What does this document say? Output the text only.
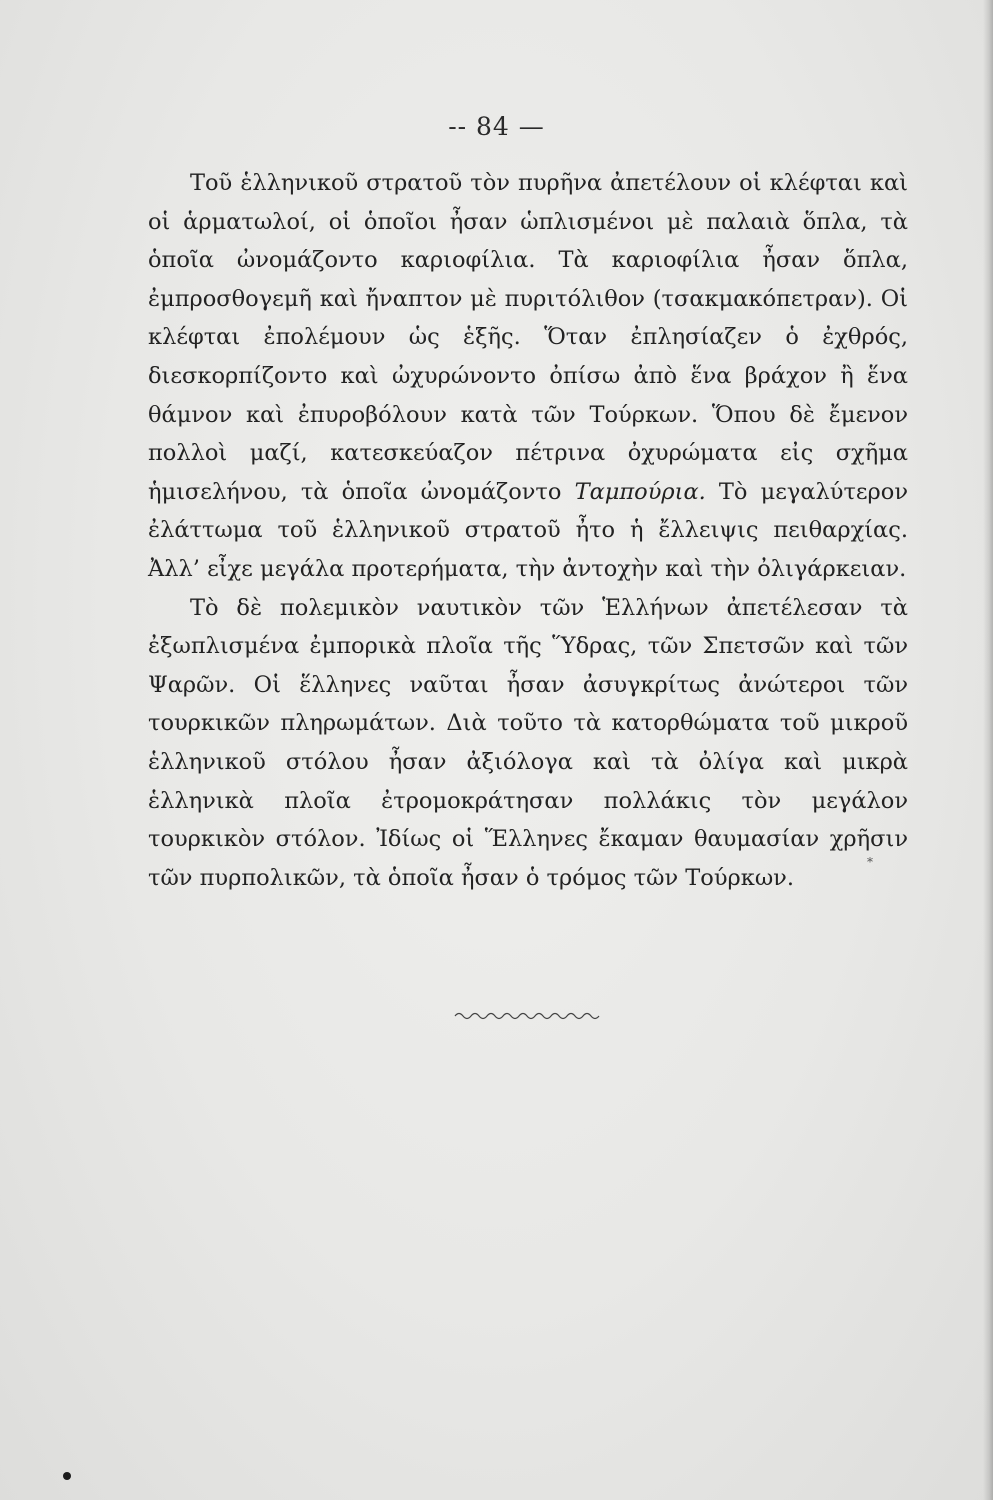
-- 84 —

Τοῦ ἑλληνικοῦ στρατοῦ τὸν πυρῆνα ἀπετέλουν οἱ κλέφται καὶ οἱ ἁρματωλοί, οἱ ὁποῖοι ἦσαν ὡπλισμένοι μὲ παλαιὰ ὅπλα, τὰ ὁποῖα ὠνομάζοντο καριοφίλια. Τὰ καριοφίλια ἦσαν ὅπλα, ἐμπροσθογεμῆ καὶ ἤναπτον μὲ πυριτόλιθον (τσακμακόπετραν). Οἱ κλέφται ἐπολέμουν ὡς ἑξῆς. Ὅταν ἐπλησίαζεν ὁ ἐχθρός, διεσκορπίζοντο καὶ ὠχυρώνοντο ὀπίσω ἀπὸ ἕνα βράχον ἢ ἕνα θάμνον καὶ ἐπυροβόλουν κατὰ τῶν Τούρκων. Ὅπου δὲ ἔμενον πολλοὶ μαζί, κατεσκεύαζον πέτρινα ὀχυρώματα εἰς σχῆμα ἡμισελήνου, τὰ ὁποῖα ὠνομάζοντο Ταμπούρια. Τὸ μεγαλύτερον ἐλάττωμα τοῦ ἑλληνικοῦ στρατοῦ ἦτο ἡ ἔλλειψις πειθαρχίας. Ἀλλ’ εἶχε μεγάλα προτερήματα, τὴν ἀντοχὴν καὶ τὴν ὀλιγάρκειαν.

Τὸ δὲ πολεμικὸν ναυτικὸν τῶν Ἑλλήνων ἀπετέλεσαν τὰ ἐξωπλισμένα ἐμπορικὰ πλοῖα τῆς Ὕδρας, τῶν Σπετσῶν καὶ τῶν Ψαρῶν. Οἱ ἕλληνες ναῦται ἦσαν ἀσυγκρίτως ἀνώτεροι τῶν τουρκικῶν πληρωμάτων. Διὰ τοῦτο τὰ κατορθώματα τοῦ μικροῦ ἑλληνικοῦ στόλου ἦσαν ἀξιόλογα καὶ τὰ ὀλίγα καὶ μικρὰ ἑλληνικὰ πλοῖα ἐτρομοκράτησαν πολλάκις τὸν μεγάλον τουρκικὸν στόλον. Ἰδίως οἱ Ἕλληνες ἔκαμαν θαυμασίαν χρῆσιν τῶν πυρπολικῶν, τὰ ὁποῖα ἦσαν ὁ τρόμος τῶν Τούρκων.

*
